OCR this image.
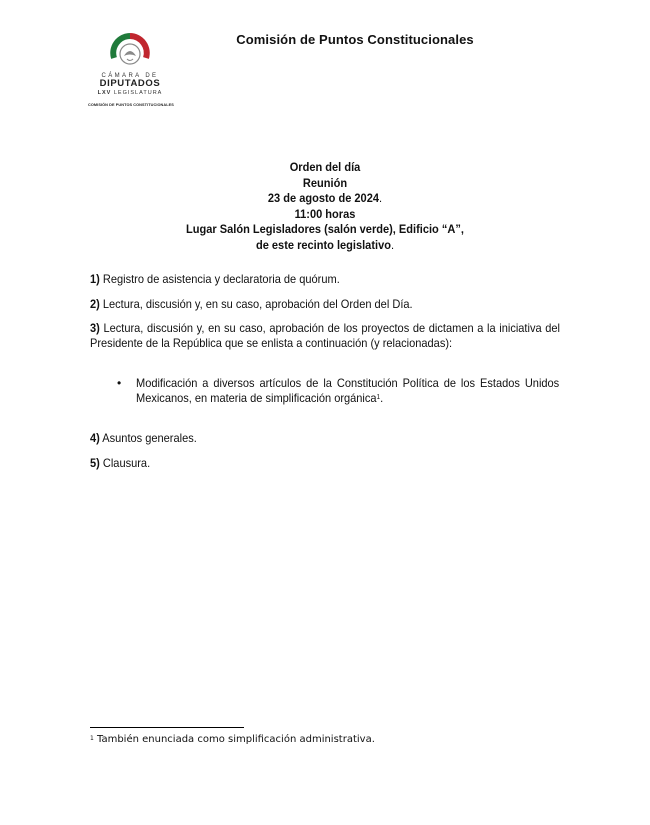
Comisión de Puntos Constitucionales
CÁMARA DE
DIPUTADOS
LXV LEGISLATURA
COMISIÓN DE PUNTOS CONSTITUCIONALES
Orden del día
Reunión
23 de agosto de 2024.
11:00 horas
Lugar Salón Legisladores (salón verde), Edificio “A”,
de este recinto legislativo.
1) Registro de asistencia y declaratoria de quórum.
2) Lectura, discusión y, en su caso, aprobación del Orden del Día.
3) Lectura, discusión y, en su caso, aprobación de los proyectos de dictamen a la iniciativa del Presidente de la República que se enlista a continuación (y relacionadas):
• Modificación a diversos artículos de la Constitución Política de los Estados Unidos Mexicanos, en materia de simplificación orgánica$^1$.
4) Asuntos generales.
5) Clausura.
$^1$ También enunciada como simplificación administrativa.
